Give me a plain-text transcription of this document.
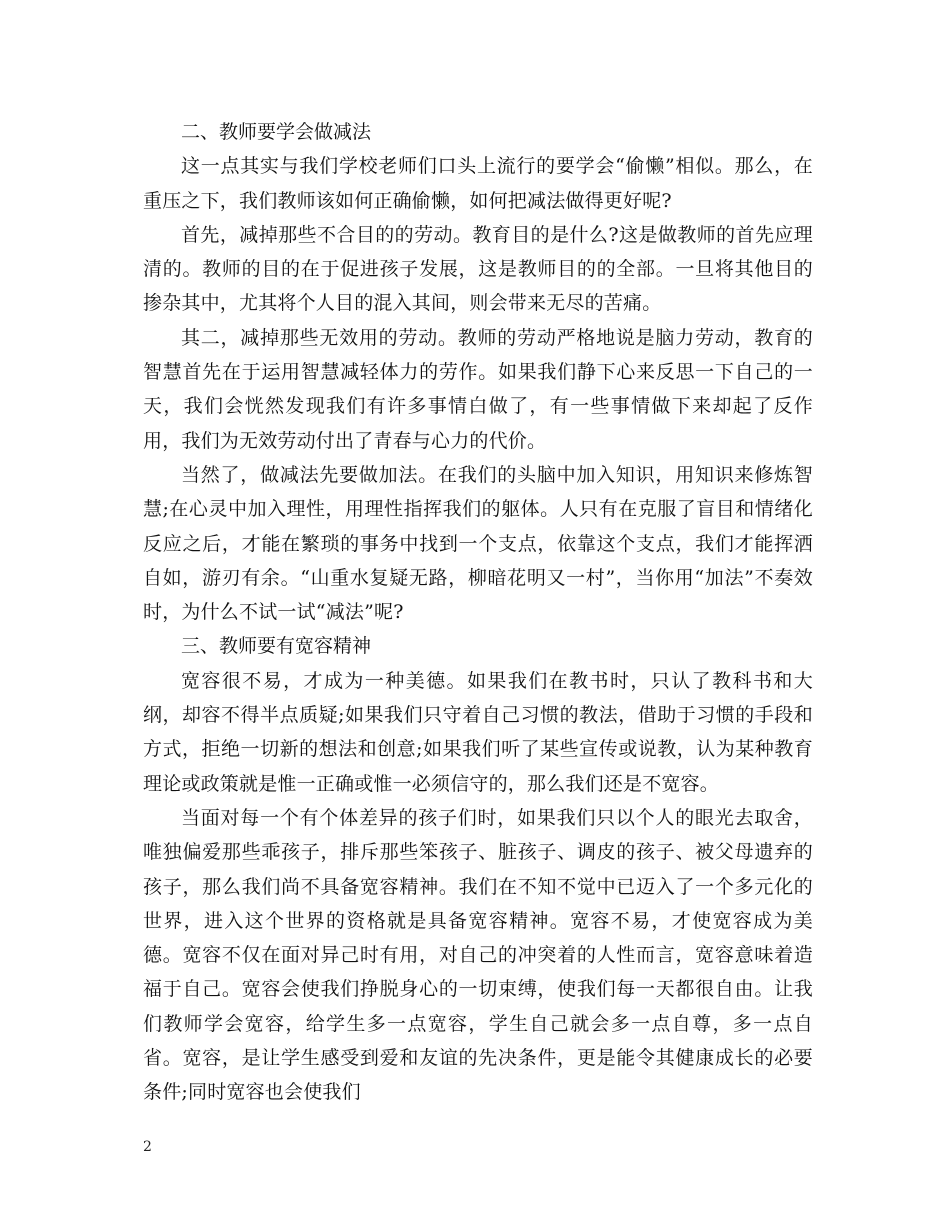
二、教师要学会做减法

这一点其实与我们学校老师们口头上流行的要学会“偷懒”相似。那么，在重压之下，我们教师该如何正确偷懒，如何把减法做得更好呢?

首先，减掉那些不合目的的劳动。教育目的是什么?这是做教师的首先应理清的。教师的目的在于促进孩子发展，这是教师目的的全部。一旦将其他目的掺杂其中，尤其将个人目的混入其间，则会带来无尽的苦痛。

其二，减掉那些无效用的劳动。教师的劳动严格地说是脑力劳动，教育的智慧首先在于运用智慧减轻体力的劳作。如果我们静下心来反思一下自己的一天，我们会恍然发现我们有许多事情白做了，有一些事情做下来却起了反作用，我们为无效劳动付出了青春与心力的代价。

当然了，做减法先要做加法。在我们的头脑中加入知识，用知识来修炼智慧;在心灵中加入理性，用理性指挥我们的躯体。人只有在克服了盲目和情绪化反应之后，才能在繁琐的事务中找到一个支点，依靠这个支点，我们才能挥洒自如，游刃有余。“山重水复疑无路，柳暗花明又一村”，当你用“加法”不奏效时，为什么不试一试“减法”呢?

三、教师要有宽容精神

宽容很不易，才成为一种美德。如果我们在教书时，只认了教科书和大纲，却容不得半点质疑;如果我们只守着自己习惯的教法，借助于习惯的手段和方式，拒绝一切新的想法和创意;如果我们听了某些宣传或说教，认为某种教育理论或政策就是惟一正确或惟一必须信守的，那么我们还是不宽容。

当面对每一个有个体差异的孩子们时，如果我们只以个人的眼光去取舍，唯独偏爱那些乖孩子，排斥那些笨孩子、脏孩子、调皮的孩子、被父母遗弃的孩子，那么我们尚不具备宽容精神。我们在不知不觉中已迈入了一个多元化的世界，进入这个世界的资格就是具备宽容精神。宽容不易，才使宽容成为美德。宽容不仅在面对异己时有用，对自己的冲突着的人性而言，宽容意味着造福于自己。宽容会使我们挣脱身心的一切束缚，使我们每一天都很自由。让我们教师学会宽容，给学生多一点宽容，学生自己就会多一点自尊，多一点自省。宽容，是让学生感受到爱和友谊的先决条件，更是能令其健康成长的必要条件;同时宽容也会使我们

2
